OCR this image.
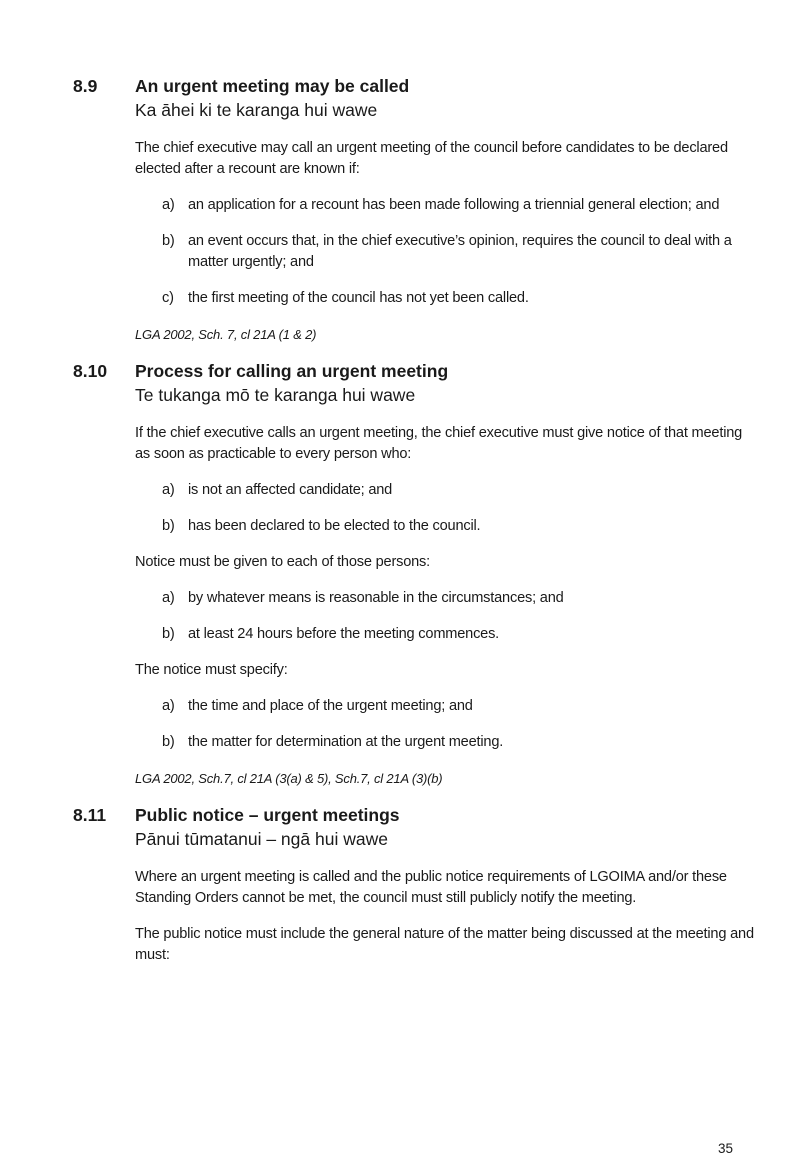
8.9	An urgent meeting may be called
Ka āhei ki te karanga hui wawe
The chief executive may call an urgent meeting of the council before candidates to be declared elected after a recount are known if:
a) an application for a recount has been made following a triennial general election; and
b) an event occurs that, in the chief executive’s opinion, requires the council to deal with a matter urgently; and
c) the first meeting of the council has not yet been called.
LGA 2002, Sch. 7, cl 21A (1 & 2)
8.10	Process for calling an urgent meeting
Te tukanga mō te karanga hui wawe
If the chief executive calls an urgent meeting, the chief executive must give notice of that meeting as soon as practicable to every person who:
a) is not an affected candidate; and
b) has been declared to be elected to the council.
Notice must be given to each of those persons:
a) by whatever means is reasonable in the circumstances; and
b) at least 24 hours before the meeting commences.
The notice must specify:
a) the time and place of the urgent meeting; and
b) the matter for determination at the urgent meeting.
LGA 2002, Sch.7, cl 21A (3(a) & 5), Sch.7, cl 21A (3)(b)
8.11	Public notice – urgent meetings
Pānui tūmatanui – ngā hui wawe
Where an urgent meeting is called and the public notice requirements of LGOIMA and/or these Standing Orders cannot be met, the council must still publicly notify the meeting.
The public notice must include the general nature of the matter being discussed at the meeting and must:
35
